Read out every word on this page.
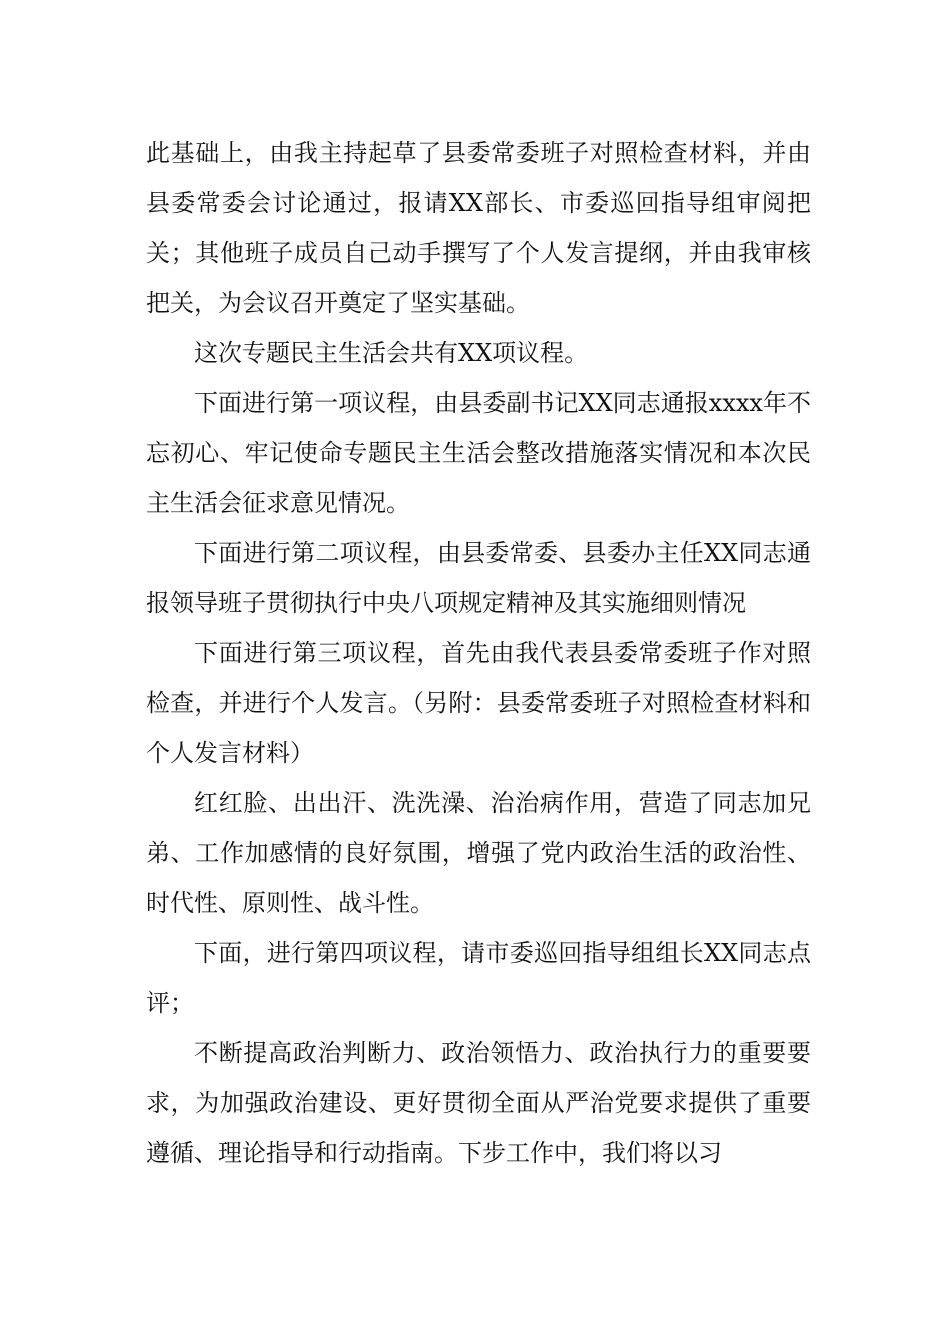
此基础上，由我主持起草了县委常委班子对照检查材料，并由县委常委会讨论通过，报请XX部长、市委巡回指导组审阅把关；其他班子成员自己动手撰写了个人发言提纲，并由我审核把关，为会议召开奠定了坚实基础。

这次专题民主生活会共有XX项议程。

下面进行第一项议程，由县委副书记XX同志通报xxxx年不忘初心、牢记使命专题民主生活会整改措施落实情况和本次民主生活会征求意见情况。

下面进行第二项议程，由县委常委、县委办主任XX同志通报领导班子贯彻执行中央八项规定精神及其实施细则情况

下面进行第三项议程，首先由我代表县委常委班子作对照检查，并进行个人发言。（另附：县委常委班子对照检查材料和个人发言材料）

红红脸、出出汗、洗洗澡、治治病作用，营造了同志加兄弟、工作加感情的良好氛围，增强了党内政治生活的政治性、时代性、原则性、战斗性。

下面，进行第四项议程，请市委巡回指导组组长XX同志点评；

不断提高政治判断力、政治领悟力、政治执行力的重要要求，为加强政治建设、更好贯彻全面从严治党要求提供了重要遵循、理论指导和行动指南。下步工作中，我们将以习
